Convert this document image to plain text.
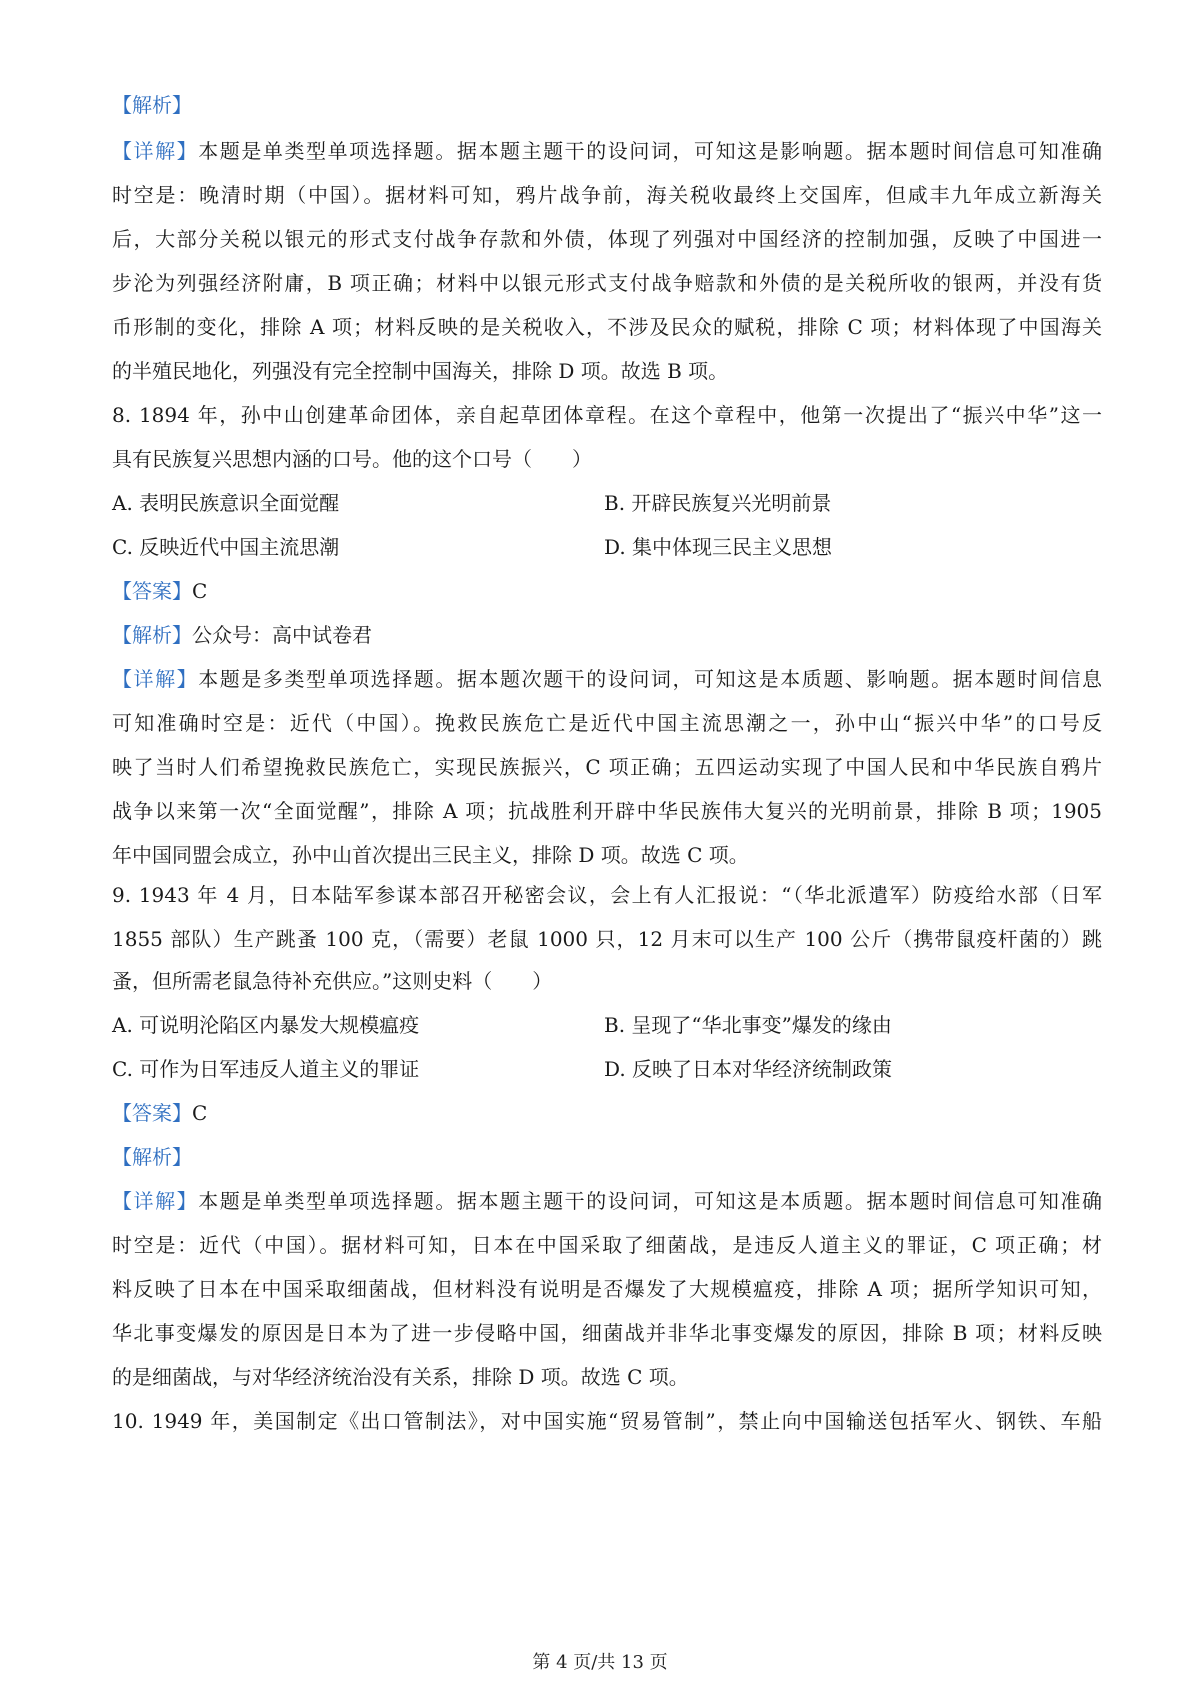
【解析】
【详解】本题是单类型单项选择题。据本题主题干的设问词，可知这是影响题。据本题时间信息可知准确
时空是：晚清时期（中国）。据材料可知，鸦片战争前，海关税收最终上交国库，但咸丰九年成立新海关
后，大部分关税以银元的形式支付战争存款和外债，体现了列强对中国经济的控制加强，反映了中国进一
步沦为列强经济附庸，B 项正确；材料中以银元形式支付战争赔款和外债的是关税所收的银两，并没有货
币形制的变化，排除 A 项；材料反映的是关税收入，不涉及民众的赋税，排除 C 项；材料体现了中国海关
的半殖民地化，列强没有完全控制中国海关，排除 D 项。故选 B 项。
8. 1894 年，孙中山创建革命团体，亲自起草团体章程。在这个章程中，他第一次提出了“振兴中华”这一
具有民族复兴思想内涵的口号。他的这个口号（　　）
A. 表明民族意识全面觉醒	B. 开辟民族复兴光明前景
C. 反映近代中国主流思潮	D. 集中体现三民主义思想
【答案】C
【解析】公众号：高中试卷君
【详解】本题是多类型单项选择题。据本题次题干的设问词，可知这是本质题、影响题。据本题时间信息
可知准确时空是：近代（中国）。挽救民族危亡是近代中国主流思潮之一，孙中山“振兴中华”的口号反
映了当时人们希望挽救民族危亡，实现民族振兴，C 项正确；五四运动实现了中国人民和中华民族自鸦片
战争以来第一次“全面觉醒”，排除 A 项；抗战胜利开辟中华民族伟大复兴的光明前景，排除 B 项；1905
年中国同盟会成立，孙中山首次提出三民主义，排除 D 项。故选 C 项。
9. 1943 年 4 月，日本陆军参谋本部召开秘密会议，会上有人汇报说：“（华北派遣军）防疫给水部（日军
1855 部队）生产跳蚤 100 克，（需要）老鼠 1000 只，12 月末可以生产 100 公斤（携带鼠疫杆菌的）跳
蚤，但所需老鼠急待补充供应。”这则史料（　　）
A. 可说明沦陷区内暴发大规模瘟疫	B. 呈现了“华北事变”爆发的缘由
C. 可作为日军违反人道主义的罪证	D. 反映了日本对华经济统制政策
【答案】C
【解析】
【详解】本题是单类型单项选择题。据本题主题干的设问词，可知这是本质题。据本题时间信息可知准确
时空是：近代（中国）。据材料可知，日本在中国采取了细菌战，是违反人道主义的罪证，C 项正确；材
料反映了日本在中国采取细菌战，但材料没有说明是否爆发了大规模瘟疫，排除 A 项；据所学知识可知，
华北事变爆发的原因是日本为了进一步侵略中国，细菌战并非华北事变爆发的原因，排除 B 项；材料反映
的是细菌战，与对华经济统治没有关系，排除 D 项。故选 C 项。
10. 1949 年，美国制定《出口管制法》，对中国实施“贸易管制”，禁止向中国输送包括军火、钢铁、车船
第 4 页/共 13 页
